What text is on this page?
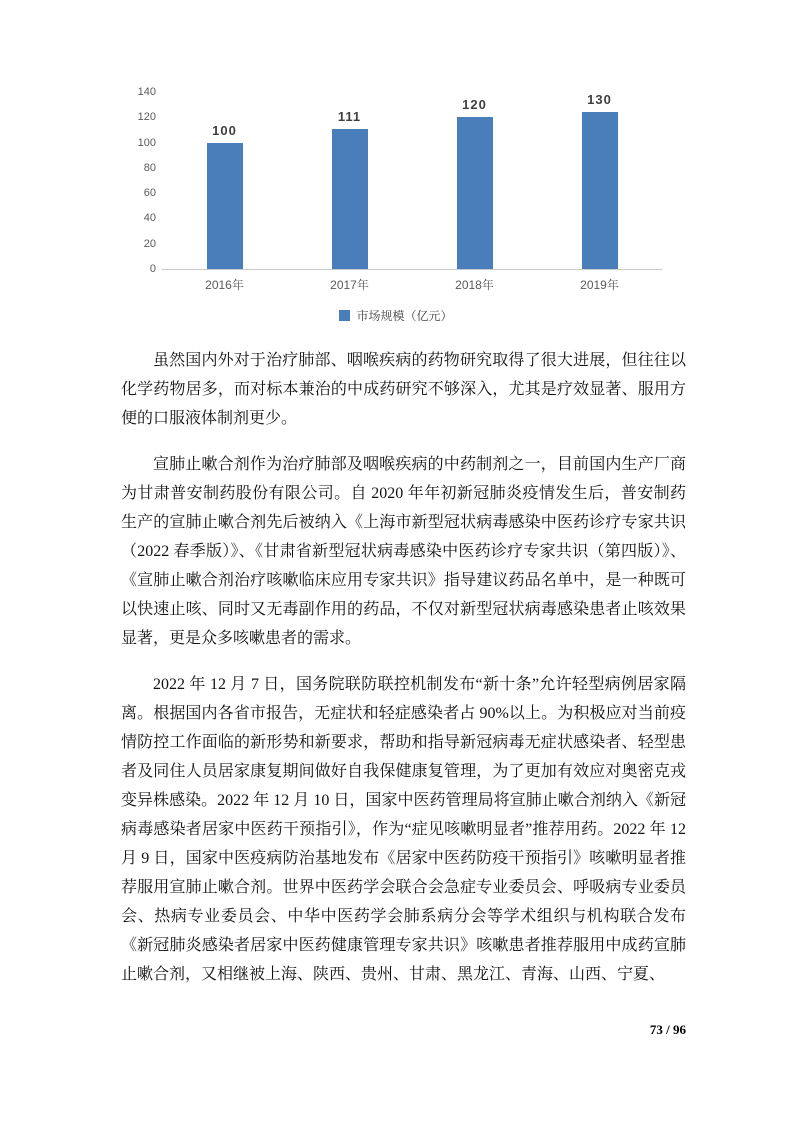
0
20
40
60
80
100
120
140
100
111
120	130
2016年	2017年	2018年	2019年
市场规模（亿元）

虽然国内外对于治疗肺部、咽喉疾病的药物研究取得了很大进展，但往往以化学药物居多，而对标本兼治的中成药研究不够深入，尤其是疗效显著、服用方便的口服液体制剂更少。

宣肺止嗽合剂作为治疗肺部及咽喉疾病的中药制剂之一，目前国内生产厂商为甘肃普安制药股份有限公司。自 2020 年年初新冠肺炎疫情发生后，普安制药生产的宣肺止嗽合剂先后被纳入《上海市新型冠状病毒感染中医药诊疗专家共识（2022 春季版）》、《甘肃省新型冠状病毒感染中医药诊疗专家共识（第四版）》、《宣肺止嗽合剂治疗咳嗽临床应用专家共识》指导建议药品名单中，是一种既可以快速止咳、同时又无毒副作用的药品，不仅对新型冠状病毒感染患者止咳效果显著，更是众多咳嗽患者的需求。

2022 年 12 月 7 日，国务院联防联控机制发布“新十条”允许轻型病例居家隔离。根据国内各省市报告，无症状和轻症感染者占 90%以上。为积极应对当前疫情防控工作面临的新形势和新要求，帮助和指导新冠病毒无症状感染者、轻型患者及同住人员居家康复期间做好自我保健康复管理，为了更加有效应对奥密克戎变异株感染。2022 年 12 月 10 日，国家中医药管理局将宣肺止嗽合剂纳入《新冠病毒感染者居家中医药干预指引》，作为“症见咳嗽明显者”推荐用药。2022 年 12 月 9 日，国家中医疫病防治基地发布《居家中医药防疫干预指引》咳嗽明显者推荐服用宣肺止嗽合剂。世界中医药学会联合会急症专业委员会、呼吸病专业委员会、热病专业委员会、中华中医药学会肺系病分会等学术组织与机构联合发布《新冠肺炎感染者居家中医药健康管理专家共识》咳嗽患者推荐服用中成药宣肺止嗽合剂，又相继被上海、陕西、贵州、甘肃、黑龙江、青海、山西、宁夏、

73 / 96
